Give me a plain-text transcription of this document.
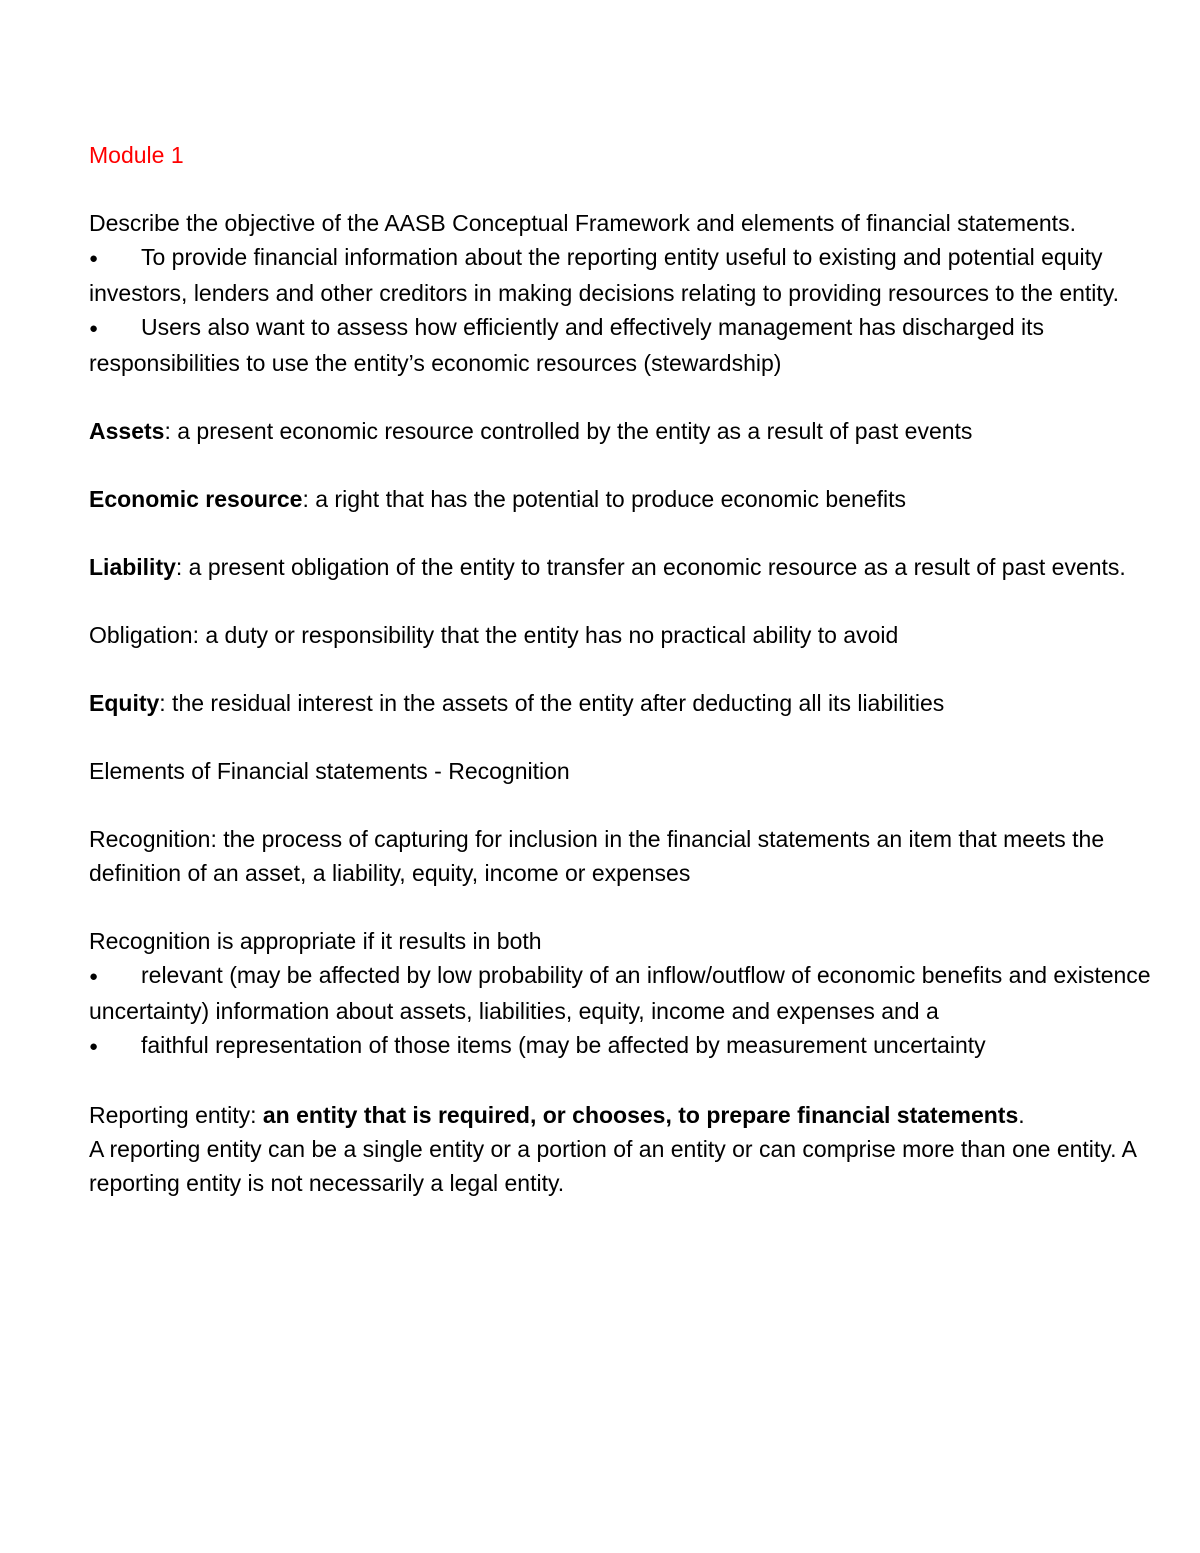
Module 1

Describe the objective of the AASB Conceptual Framework and elements of financial statements.

● To provide financial information about the reporting entity useful to existing and potential equity investors, lenders and other creditors in making decisions relating to providing resources to the entity.

● Users also want to assess how efficiently and effectively management has discharged its responsibilities to use the entity’s economic resources (stewardship)

Assets: a present economic resource controlled by the entity as a result of past events

Economic resource: a right that has the potential to produce economic benefits

Liability: a present obligation of the entity to transfer an economic resource as a result of past events.

Obligation: a duty or responsibility that the entity has no practical ability to avoid

Equity: the residual interest in the assets of the entity after deducting all its liabilities

Elements of Financial statements - Recognition

Recognition: the process of capturing for inclusion in the financial statements an item that meets the definition of an asset, a liability, equity, income or expenses

Recognition is appropriate if it results in both

● relevant (may be affected by low probability of an inflow/outflow of economic benefits and existence uncertainty) information about assets, liabilities, equity, income and expenses and a

● faithful representation of those items (may be affected by measurement uncertainty

Reporting entity: an entity that is required, or chooses, to prepare financial statements.

A reporting entity can be a single entity or a portion of an entity or can comprise more than one entity. A reporting entity is not necessarily a legal entity.
